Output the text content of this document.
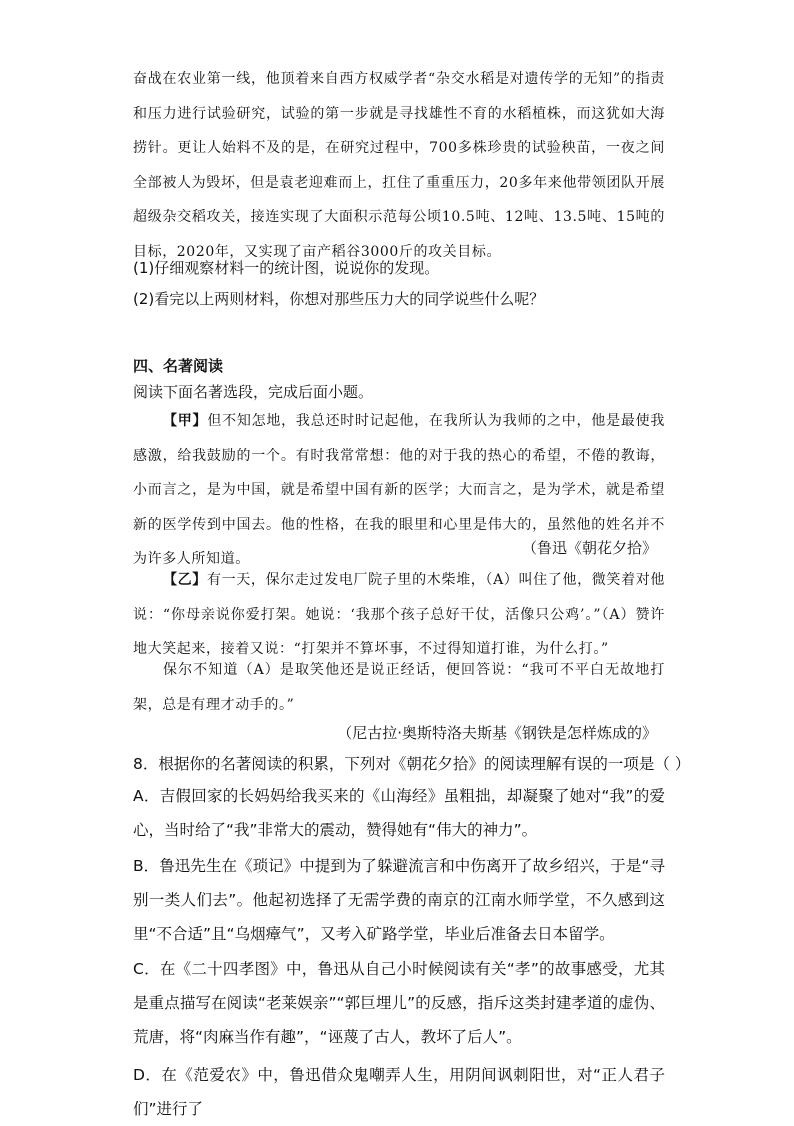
奋战在农业第一线，他顶着来自西方权威学者“杂交水稻是对遗传学的无知”的指责和压力进行试验研究，试验的第一步就是寻找雄性不育的水稻植株，而这犹如大海捞针。更让人始料不及的是，在研究过程中，700多株珍贵的试验秧苗，一夜之间全部被人为毁坏，但是袁老迎难而上，扛住了重重压力，20多年来他带领团队开展超级杂交稻攻关，接连实现了大面积示范每公顷10.5吨、12吨、13.5吨、15吨的目标，2020年，又实现了亩产稻谷3000斤的攻关目标。
(1)仔细观察材料一的统计图，说说你的发现。
(2)看完以上两则材料，你想对那些压力大的同学说些什么呢？
四、名著阅读
阅读下面名著选段，完成后面小题。
【甲】但不知怎地，我总还时时记起他，在我所认为我师的之中，他是最使我感激，给我鼓励的一个。有时我常常想：他的对于我的热心的希望，不倦的教诲，小而言之，是为中国，就是希望中国有新的医学；大而言之，是为学术，就是希望新的医学传到中国去。他的性格，在我的眼里和心里是伟大的，虽然他的姓名并不为许多人所知道。
（鲁迅《朝花夕拾》
【乙】有一天，保尔走过发电厂院子里的木柴堆，（A）叫住了他，微笑着对他说：“你母亲说你爱打架。她说：‘我那个孩子总好干仗，活像只公鸡’。”（A）赞许地大笑起来，接着又说：“打架并不算坏事，不过得知道打谁，为什么打。”
保尔不知道（A）是取笑他还是说正经话，便回答说：“我可不平白无故地打架，总是有理才动手的。”
（尼古拉·奥斯特洛夫斯基《钢铁是怎样炼成的》
8．根据你的名著阅读的积累，下列对《朝花夕拾》的阅读理解有误的一项是（ ）
A．吉假回家的长妈妈给我买来的《山海经》虽粗拙，却凝聚了她对“我”的爱心，当时给了“我”非常大的震动，赞得她有“伟大的神力”。
B．鲁迅先生在《琐记》中提到为了躲避流言和中伤离开了故乡绍兴，于是“寻别一类人们去”。他起初选择了无需学费的南京的江南水师学堂，不久感到这里“不合适”且“乌烟瘴气”，又考入矿路学堂，毕业后准备去日本留学。
C．在《二十四孝图》中，鲁迅从自己小时候阅读有关“孝”的故事感受，尤其是重点描写在阅读“老莱娱亲”“郭巨埋儿”的反感，指斥这类封建孝道的虚伪、荒唐，将“肉麻当作有趣”，“诬蔑了古人，教坏了后人”。
D．在《范爱农》中，鲁迅借众鬼嘲弄人生，用阴间讽刺阳世，对“正人君子们”进行了
